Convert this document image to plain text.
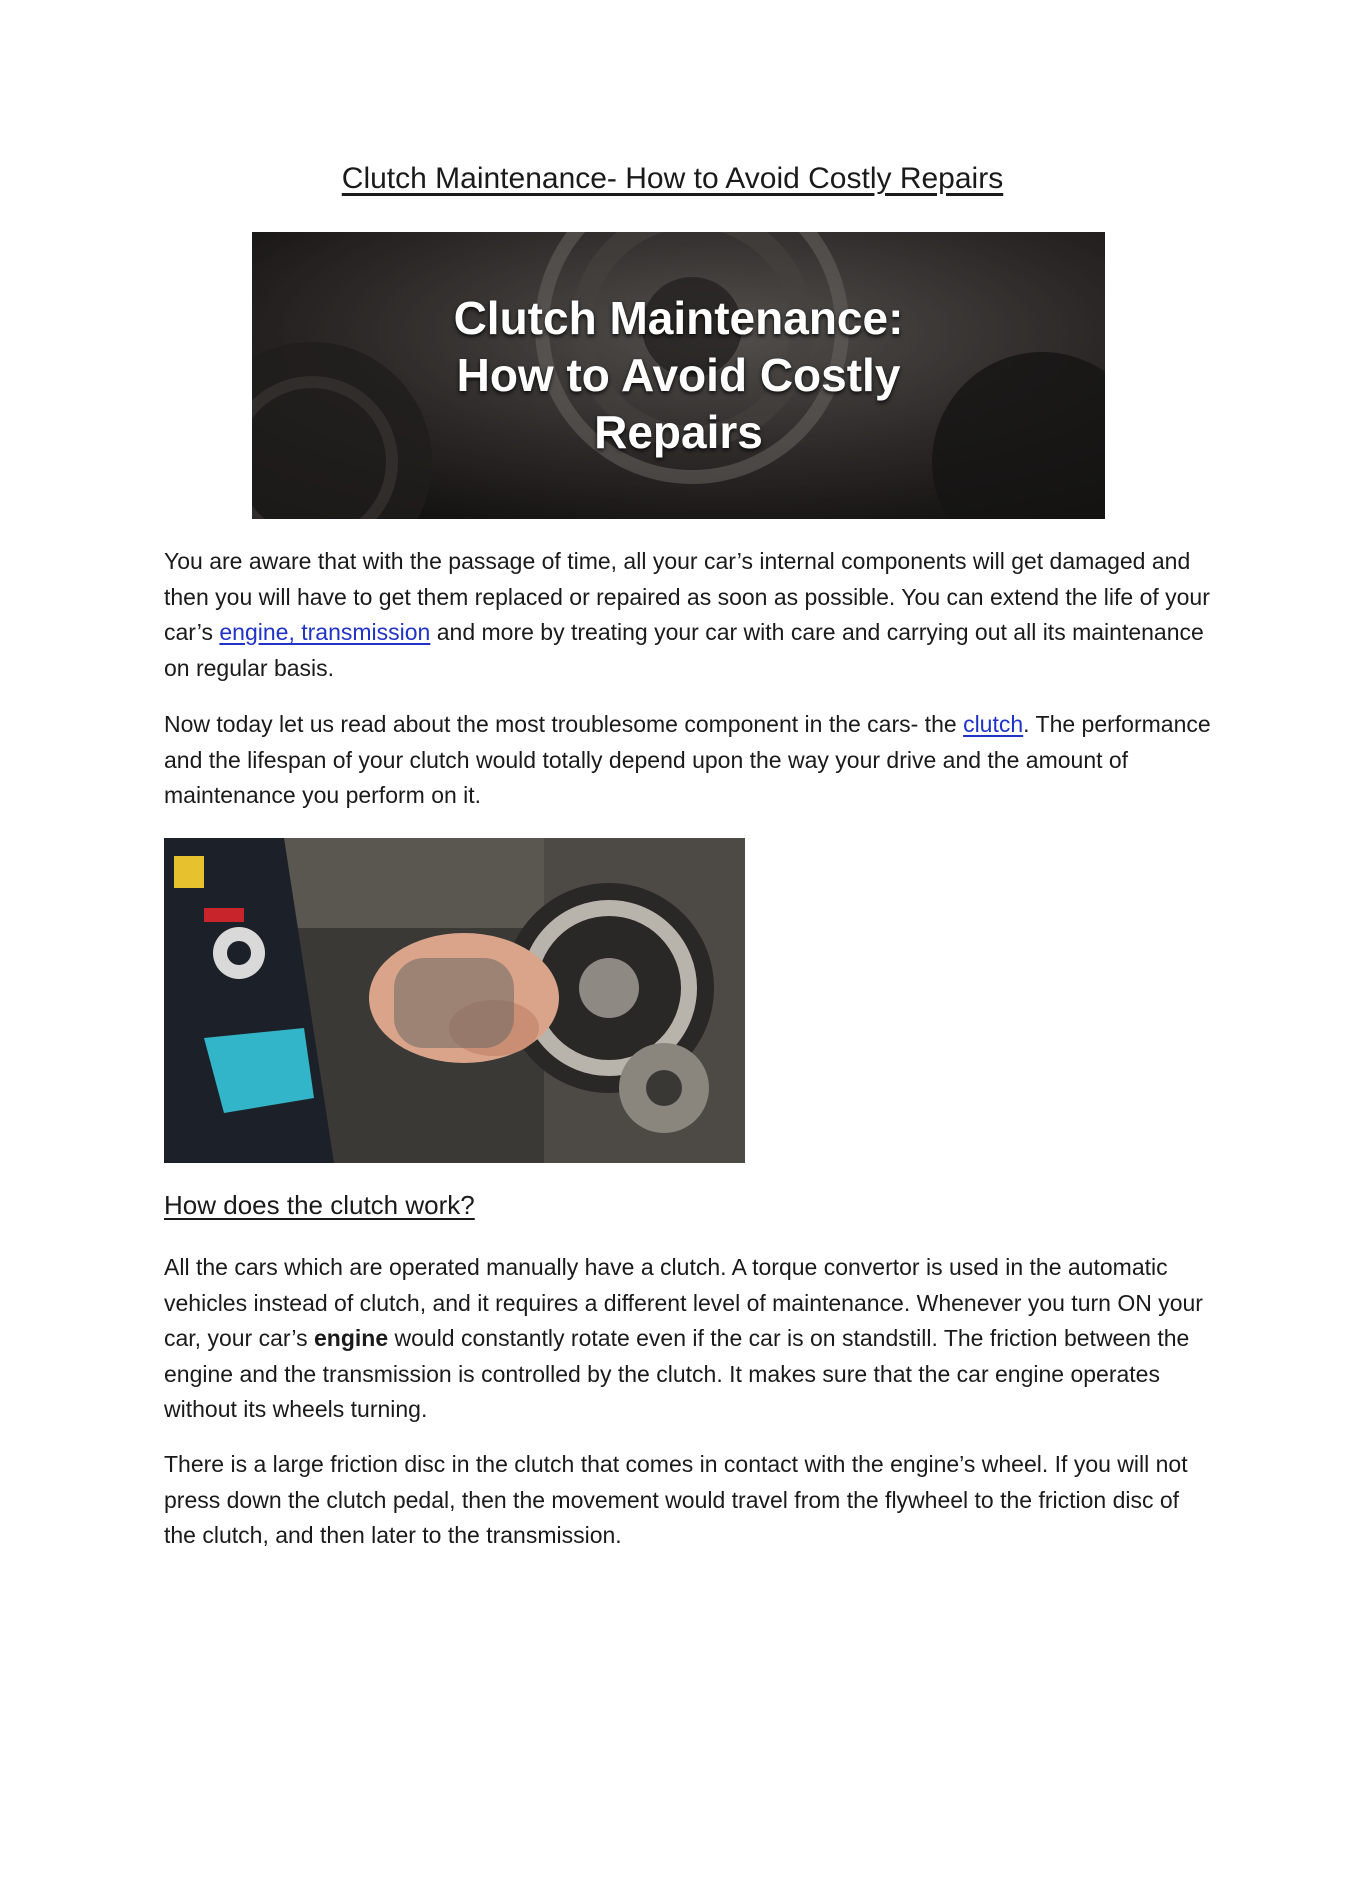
Clutch Maintenance- How to Avoid Costly Repairs
Clutch Maintenance:
How to Avoid Costly
Repairs

You are aware that with the passage of time, all your car’s internal components will get damaged and then you will have to get them replaced or repaired as soon as possible. You can extend the life of your car’s engine, transmission and more by treating your car with care and carrying out all its maintenance on regular basis.

Now today let us read about the most troublesome component in the cars- the clutch. The performance and the lifespan of your clutch would totally depend upon the way your drive and the amount of maintenance you perform on it.

How does the clutch work?

All the cars which are operated manually have a clutch. A torque convertor is used in the automatic vehicles instead of clutch, and it requires a different level of maintenance. Whenever you turn ON your car, your car’s engine would constantly rotate even if the car is on standstill. The friction between the engine and the transmission is controlled by the clutch. It makes sure that the car engine operates without its wheels turning.

There is a large friction disc in the clutch that comes in contact with the engine’s wheel. If you will not press down the clutch pedal, then the movement would travel from the flywheel to the friction disc of the clutch, and then later to the transmission.
